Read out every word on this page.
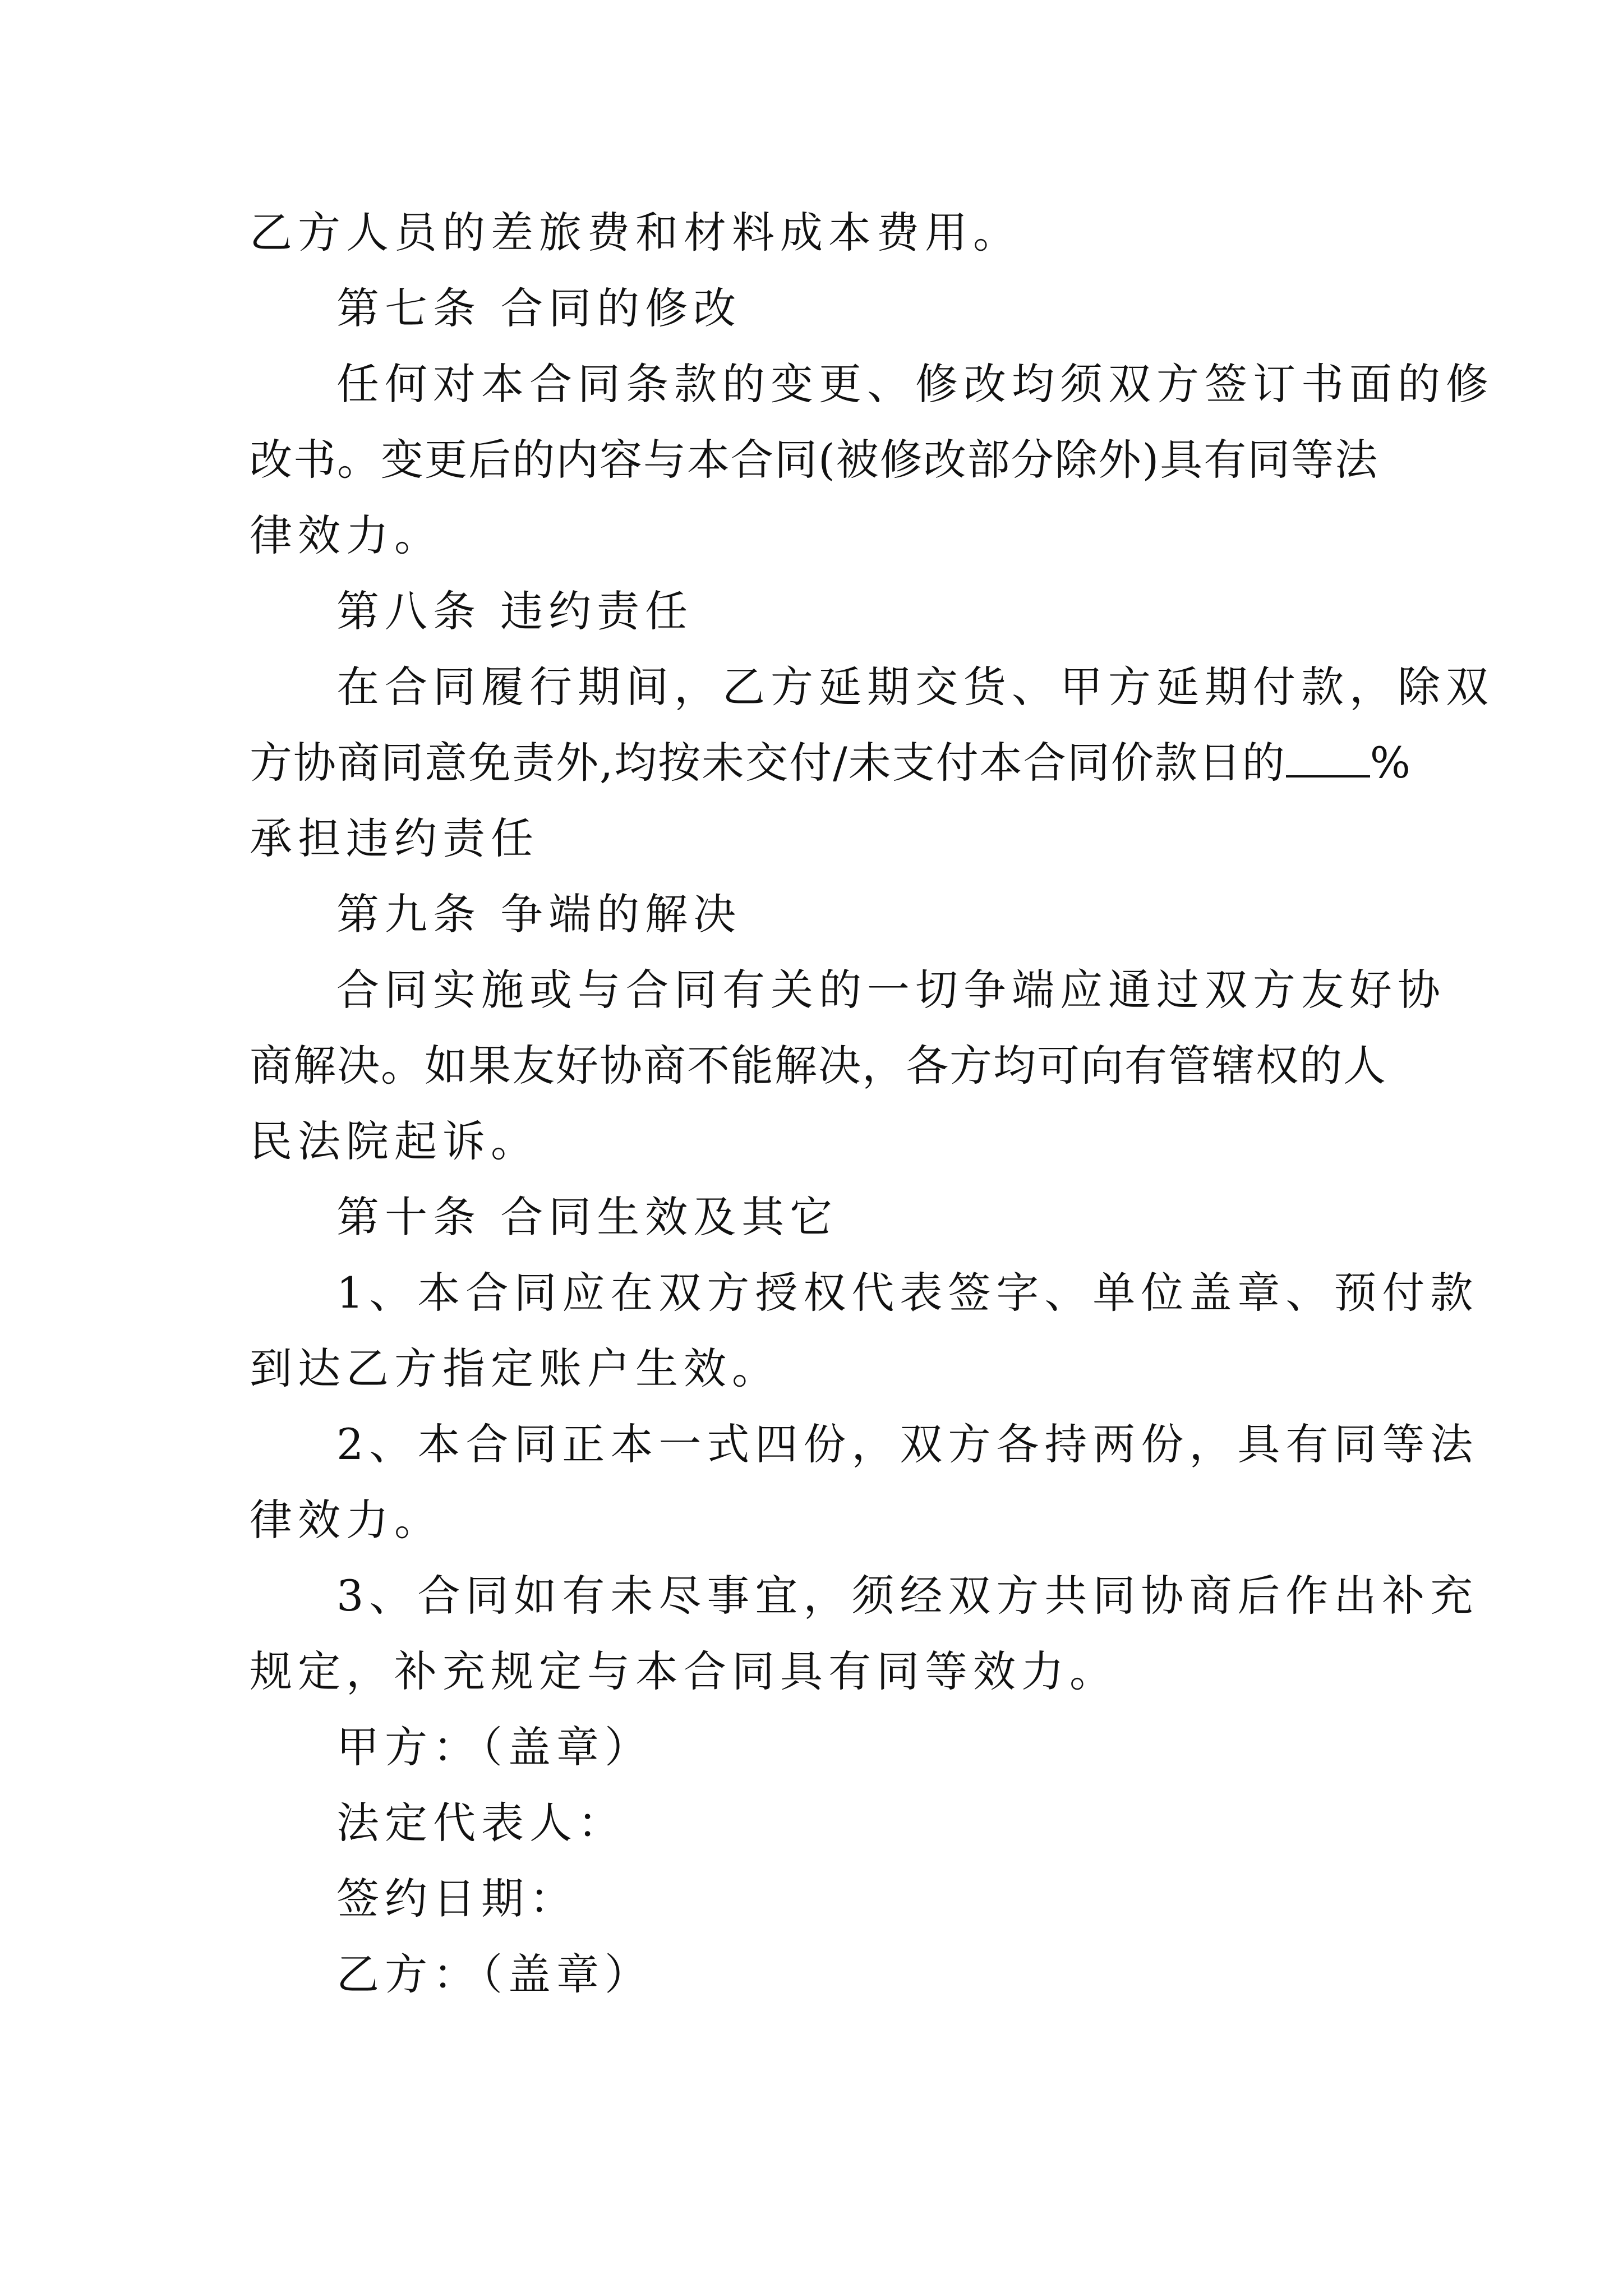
乙方人员的差旅费和材料成本费用。
第七条 合同的修改
任何对本合同条款的变更、修改均须双方签订书面的修
改书。变更后的内容与本合同(被修改部分除外)具有同等法
律效力。
第八条 违约责任
在合同履行期间，乙方延期交货、甲方延期付款，除双
方协商同意免责外,均按未交付/未支付本合同价款日的 %
承担违约责任
第九条 争端的解决
合同实施或与合同有关的一切争端应通过双方友好协
商解决。如果友好协商不能解决，各方均可向有管辖权的人
民法院起诉。
第十条 合同生效及其它
1、本合同应在双方授权代表签字、单位盖章、预付款
到达乙方指定账户生效。
2、本合同正本一式四份，双方各持两份，具有同等法
律效力。
3、合同如有未尽事宜，须经双方共同协商后作出补充
规定，补充规定与本合同具有同等效力。
甲方：（盖章）
法定代表人：
签约日期：
乙方：（盖章）
